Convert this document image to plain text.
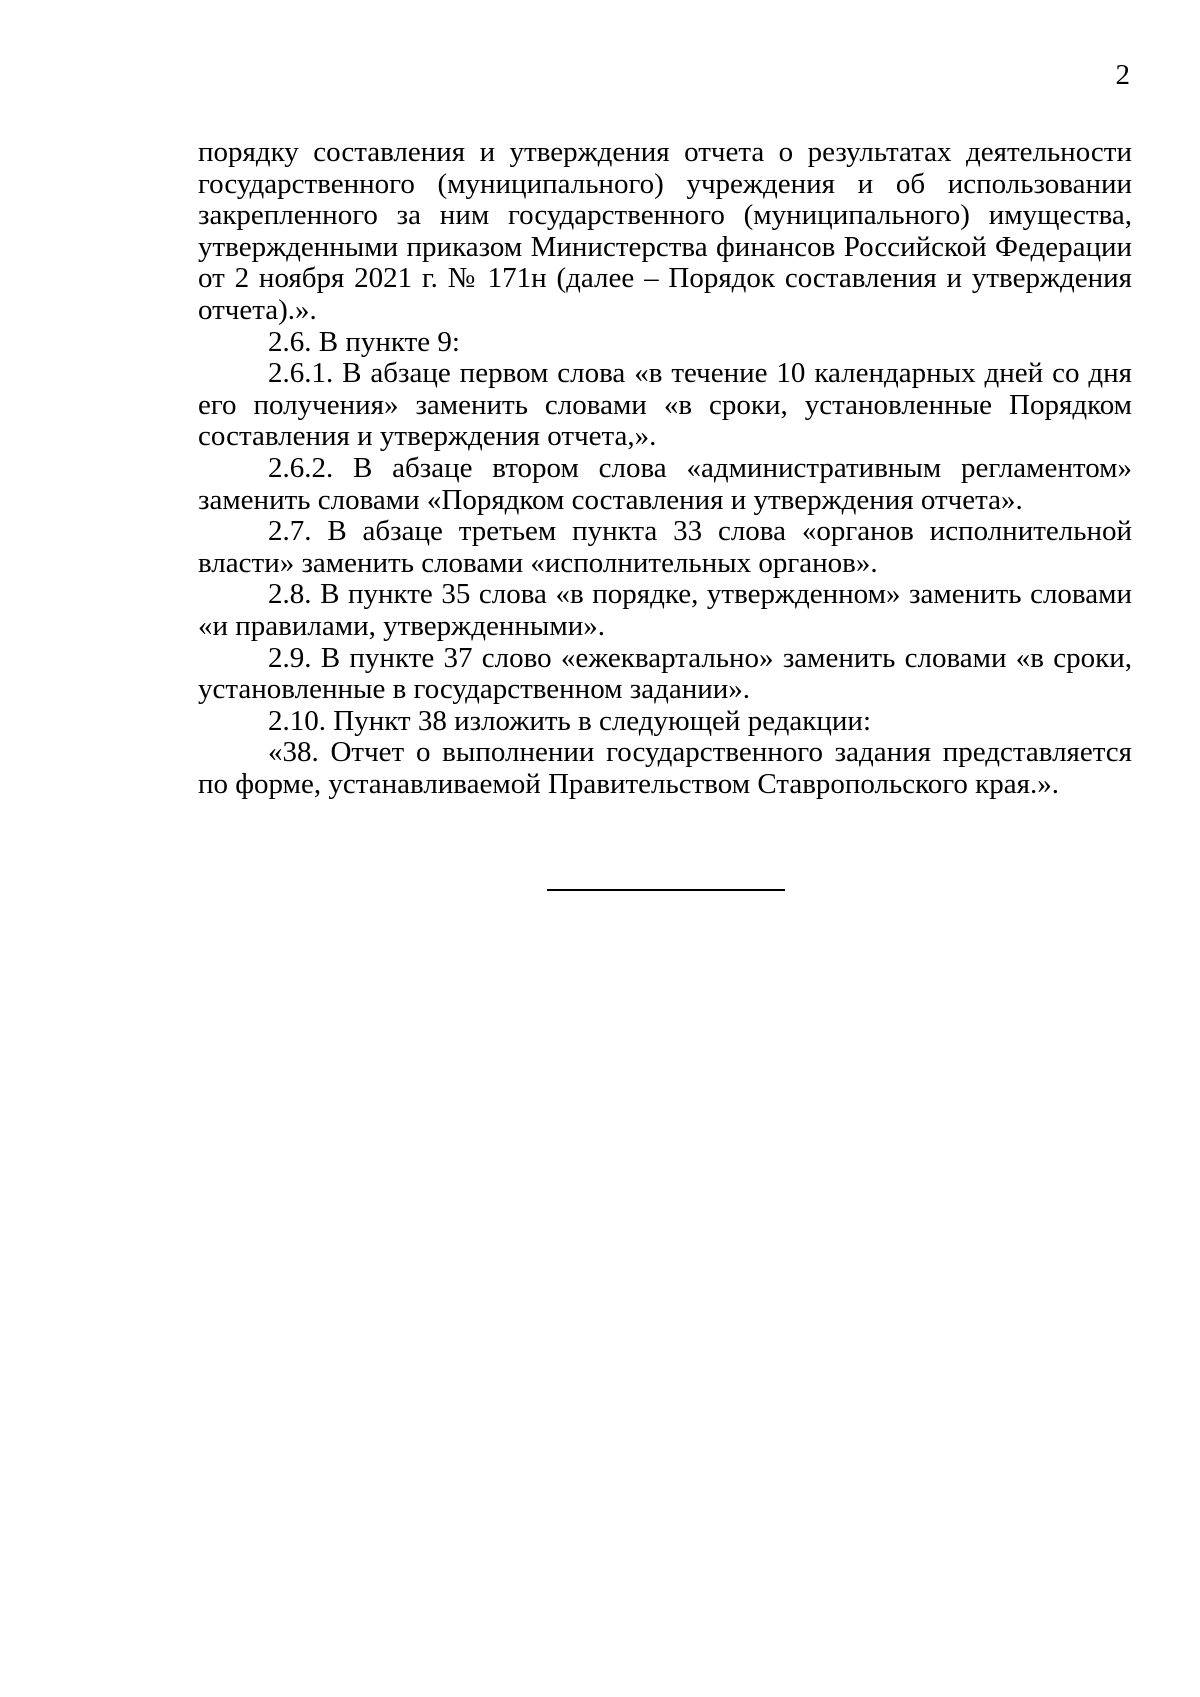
2

порядку составления и утверждения отчета о результатах деятельности государственного (муниципального) учреждения и об использовании закрепленного за ним государственного (муниципального) имущества, утвержденными приказом Министерства финансов Российской Федерации от 2 ноября 2021 г. № 171н (далее – Порядок составления и утверждения отчета).».

2.6. В пункте 9:

2.6.1. В абзаце первом слова «в течение 10 календарных дней со дня его получения» заменить словами «в сроки, установленные Порядком составления и утверждения отчета,».

2.6.2. В абзаце втором слова «административным регламентом» заменить словами «Порядком составления и утверждения отчета».

2.7. В абзаце третьем пункта 33 слова «органов исполнительной власти» заменить словами «исполнительных органов».

2.8. В пункте 35 слова «в порядке, утвержденном» заменить словами «и правилами, утвержденными».

2.9. В пункте 37 слово «ежеквартально» заменить словами «в сроки, установленные в государственном задании».

2.10. Пункт 38 изложить в следующей редакции:

«38. Отчет о выполнении государственного задания представляется по форме, устанавливаемой Правительством Ставропольского края.».
